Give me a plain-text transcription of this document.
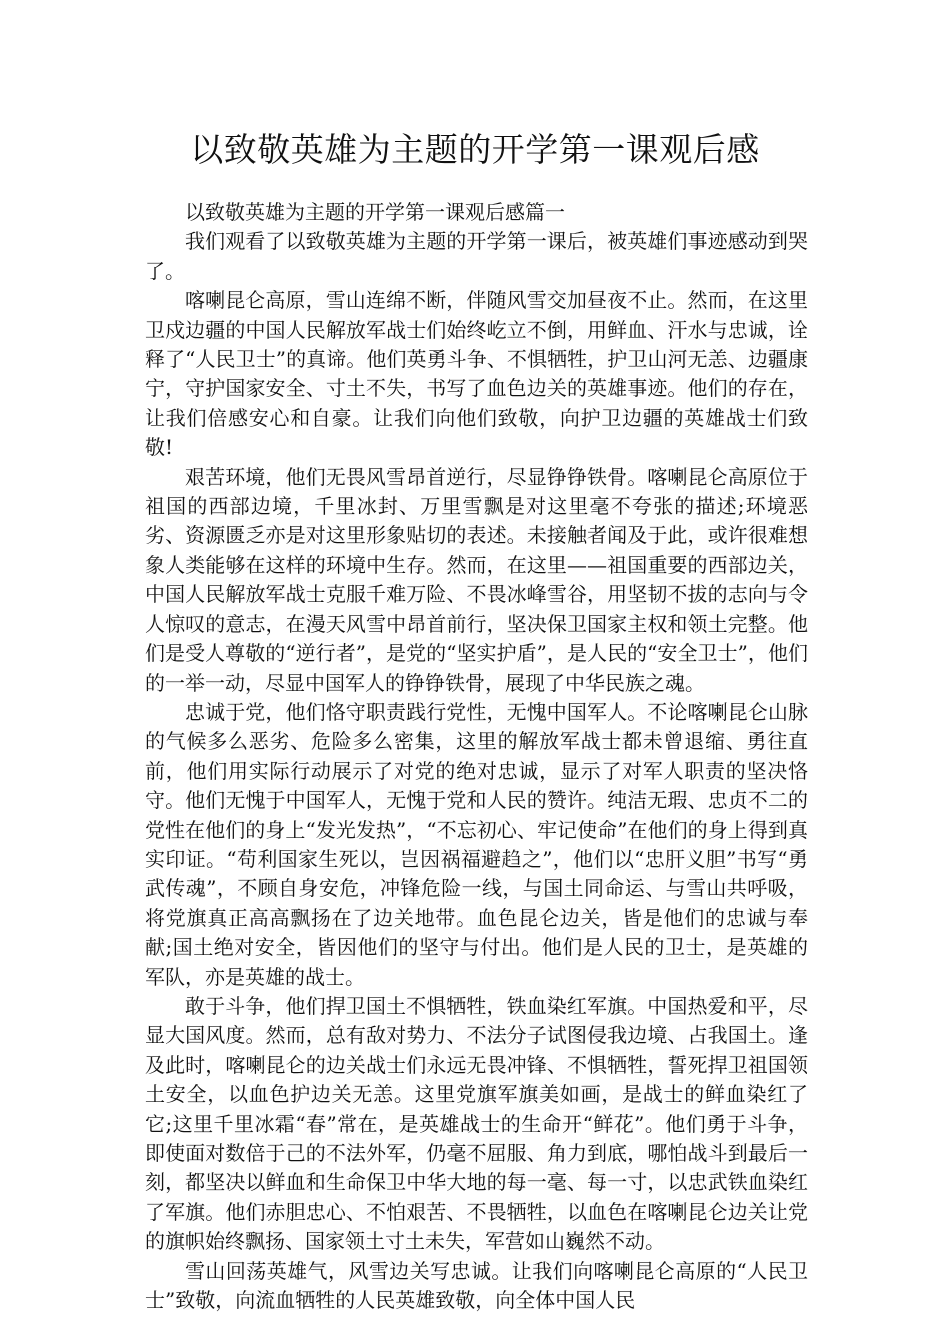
以致敬英雄为主题的开学第一课观后感

以致敬英雄为主题的开学第一课观后感篇一

我们观看了以致敬英雄为主题的开学第一课后，被英雄们事迹感动到哭了。

喀喇昆仑高原，雪山连绵不断，伴随风雪交加昼夜不止。然而，在这里卫戍边疆的中国人民解放军战士们始终屹立不倒，用鲜血、汗水与忠诚，诠释了“人民卫士”的真谛。他们英勇斗争、不惧牺牲，护卫山河无恙、边疆康宁，守护国家安全、寸土不失，书写了血色边关的英雄事迹。他们的存在，让我们倍感安心和自豪。让我们向他们致敬，向护卫边疆的英雄战士们致敬!

艰苦环境，他们无畏风雪昂首逆行，尽显铮铮铁骨。喀喇昆仑高原位于祖国的西部边境，千里冰封、万里雪飘是对这里毫不夸张的描述;环境恶劣、资源匮乏亦是对这里形象贴切的表述。未接触者闻及于此，或许很难想象人类能够在这样的环境中生存。然而，在这里——祖国重要的西部边关，中国人民解放军战士克服千难万险、不畏冰峰雪谷，用坚韧不拔的志向与令人惊叹的意志，在漫天风雪中昂首前行，坚决保卫国家主权和领土完整。他们是受人尊敬的“逆行者”，是党的“坚实护盾”，是人民的“安全卫士”，他们的一举一动，尽显中国军人的铮铮铁骨，展现了中华民族之魂。

忠诚于党，他们恪守职责践行党性，无愧中国军人。不论喀喇昆仑山脉的气候多么恶劣、危险多么密集，这里的解放军战士都未曾退缩、勇往直前，他们用实际行动展示了对党的绝对忠诚，显示了对军人职责的坚决恪守。他们无愧于中国军人，无愧于党和人民的赞许。纯洁无瑕、忠贞不二的党性在他们的身上“发光发热”，“不忘初心、牢记使命”在他们的身上得到真实印证。“苟利国家生死以，岂因祸福避趋之”，他们以“忠肝义胆”书写“勇武传魂”，不顾自身安危，冲锋危险一线，与国土同命运、与雪山共呼吸，将党旗真正高高飘扬在了边关地带。血色昆仑边关，皆是他们的忠诚与奉献;国土绝对安全，皆因他们的坚守与付出。他们是人民的卫士，是英雄的军队，亦是英雄的战士。

敢于斗争，他们捍卫国土不惧牺牲，铁血染红军旗。中国热爱和平，尽显大国风度。然而，总有敌对势力、不法分子试图侵我边境、占我国土。逢及此时，喀喇昆仑的边关战士们永远无畏冲锋、不惧牺牲，誓死捍卫祖国领土安全，以血色护边关无恙。这里党旗军旗美如画，是战士的鲜血染红了它;这里千里冰霜“春”常在，是英雄战士的生命开“鲜花”。他们勇于斗争，即使面对数倍于己的不法外军，仍毫不屈服、角力到底，哪怕战斗到最后一刻，都坚决以鲜血和生命保卫中华大地的每一毫、每一寸，以忠武铁血染红了军旗。他们赤胆忠心、不怕艰苦、不畏牺牲，以血色在喀喇昆仑边关让党的旗帜始终飘扬、国家领土寸土未失，军营如山巍然不动。

雪山回荡英雄气，风雪边关写忠诚。让我们向喀喇昆仑高原的“人民卫士”致敬，向流血牺牲的人民英雄致敬，向全体中国人民
